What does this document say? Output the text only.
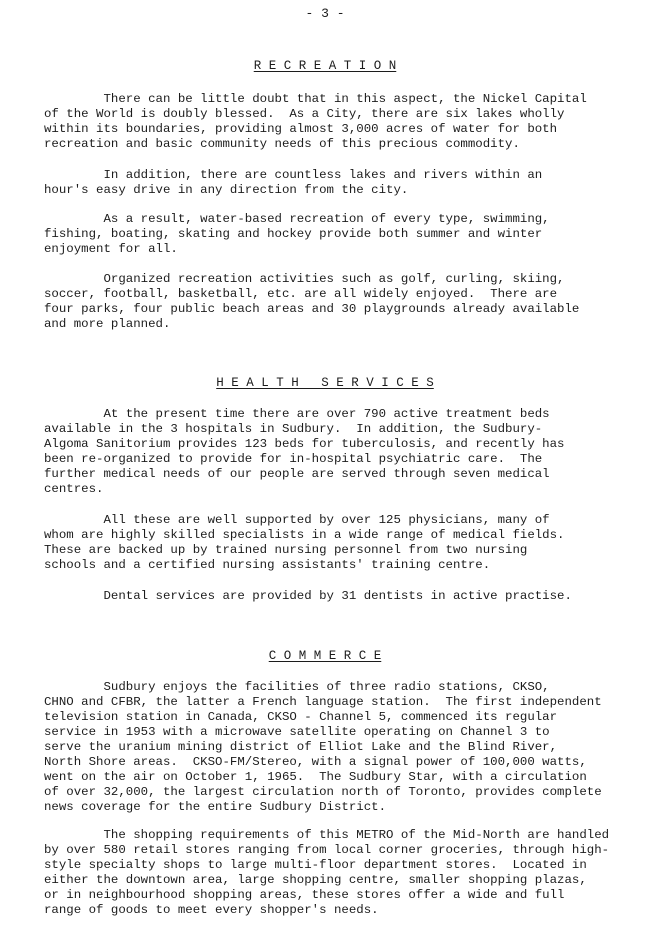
- 3 -
R E C R E A T I O N
There can be little doubt that in this aspect, the Nickel Capital
of the World is doubly blessed.  As a City, there are six lakes wholly
within its boundaries, providing almost 3,000 acres of water for both
recreation and basic community needs of this precious commodity.
In addition, there are countless lakes and rivers within an
hour's easy drive in any direction from the city.
As a result, water-based recreation of every type, swimming,
fishing, boating, skating and hockey provide both summer and winter
enjoyment for all.
Organized recreation activities such as golf, curling, skiing,
soccer, football, basketball, etc. are all widely enjoyed.  There are
four parks, four public beach areas and 30 playgrounds already available
and more planned.
H E A L T H   S E R V I C E S
At the present time there are over 790 active treatment beds
available in the 3 hospitals in Sudbury.  In addition, the Sudbury-
Algoma Sanitorium provides 123 beds for tuberculosis, and recently has
been re-organized to provide for in-hospital psychiatric care.  The
further medical needs of our people are served through seven medical
centres.
All these are well supported by over 125 physicians, many of
whom are highly skilled specialists in a wide range of medical fields.
These are backed up by trained nursing personnel from two nursing
schools and a certified nursing assistants' training centre.
Dental services are provided by 31 dentists in active practise.
C O M M E R C E
Sudbury enjoys the facilities of three radio stations, CKSO,
CHNO and CFBR, the latter a French language station.  The first independent
television station in Canada, CKSO - Channel 5, commenced its regular
service in 1953 with a microwave satellite operating on Channel 3 to
serve the uranium mining district of Elliot Lake and the Blind River,
North Shore areas.  CKSO-FM/Stereo, with a signal power of 100,000 watts,
went on the air on October 1, 1965.  The Sudbury Star, with a circulation
of over 32,000, the largest circulation north of Toronto, provides complete
news coverage for the entire Sudbury District.
The shopping requirements of this METRO of the Mid-North are handled
by over 580 retail stores ranging from local corner groceries, through high-
style specialty shops to large multi-floor department stores.  Located in
either the downtown area, large shopping centre, smaller shopping plazas,
or in neighbourhood shopping areas, these stores offer a wide and full
range of goods to meet every shopper's needs.
